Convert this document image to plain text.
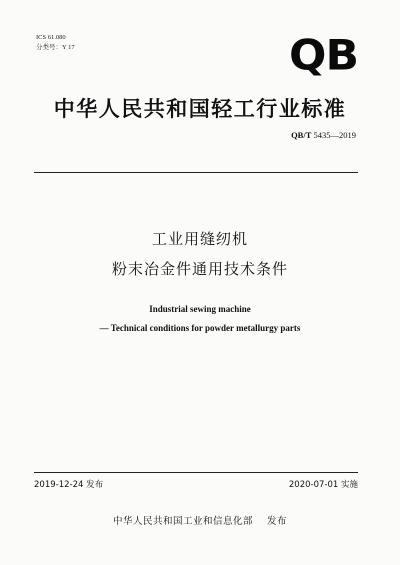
ICS 61.080
分类号：Y 17	QB
中华人民共和国轻工行业标准
QB/T 5435—2019
工业用缝纫机
粉末冶金件通用技术条件
Industrial sewing machine
— Technical conditions for powder metallurgy parts
2019-12-24 发布	2020-07-01 实施
中华人民共和国工业和信息化部 发布
